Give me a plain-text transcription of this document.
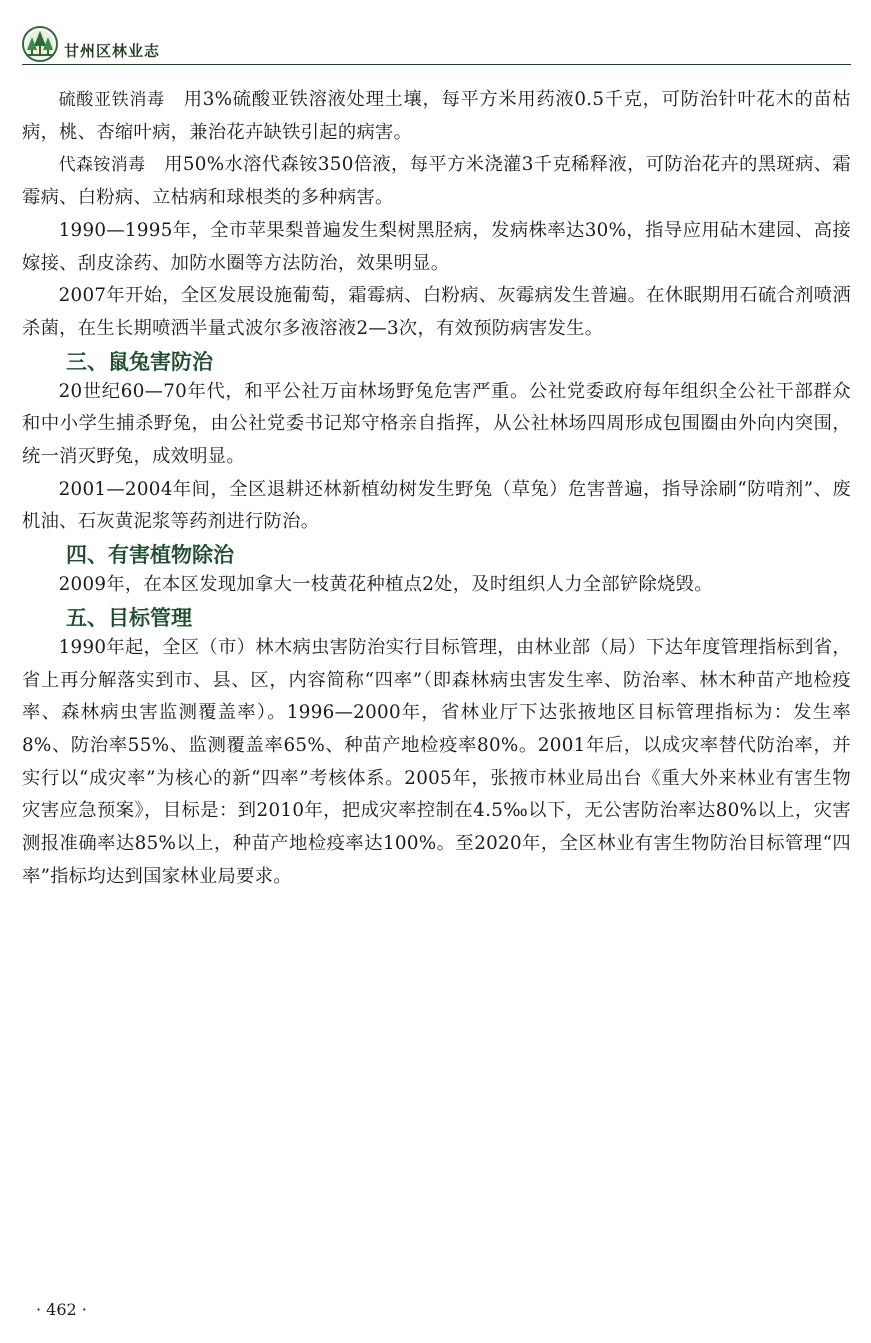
甘州区林业志

硫酸亚铁消毒　用3%硫酸亚铁溶液处理土壤，每平方米用药液0.5千克，可防治针叶花木的苗枯病，桃、杏缩叶病，兼治花卉缺铁引起的病害。

代森铵消毒　用50%水溶代森铵350倍液，每平方米浇灌3千克稀释液，可防治花卉的黑斑病、霜霉病、白粉病、立枯病和球根类的多种病害。

1990—1995年，全市苹果梨普遍发生梨树黑胫病，发病株率达30%，指导应用砧木建园、高接嫁接、刮皮涂药、加防水圈等方法防治，效果明显。

2007年开始，全区发展设施葡萄，霜霉病、白粉病、灰霉病发生普遍。在休眠期用石硫合剂喷洒杀菌，在生长期喷洒半量式波尔多液溶液2—3次，有效预防病害发生。

三、鼠兔害防治

20世纪60—70年代，和平公社万亩林场野兔危害严重。公社党委政府每年组织全公社干部群众和中小学生捕杀野兔，由公社党委书记郑守格亲自指挥，从公社林场四周形成包围圈由外向内突围，统一消灭野兔，成效明显。

2001—2004年间，全区退耕还林新植幼树发生野兔（草兔）危害普遍，指导涂刷“防啃剂”、废机油、石灰黄泥浆等药剂进行防治。

四、有害植物除治

2009年，在本区发现加拿大一枝黄花种植点2处，及时组织人力全部铲除烧毁。

五、目标管理

1990年起，全区（市）林木病虫害防治实行目标管理，由林业部（局）下达年度管理指标到省，省上再分解落实到市、县、区，内容简称“四率”（即森林病虫害发生率、防治率、林木种苗产地检疫率、森林病虫害监测覆盖率）。1996—2000年，省林业厅下达张掖地区目标管理指标为：发生率8%、防治率55%、监测覆盖率65%、种苗产地检疫率80%。2001年后，以成灾率替代防治率，并实行以“成灾率”为核心的新“四率”考核体系。2005年，张掖市林业局出台《重大外来林业有害生物灾害应急预案》，目标是：到2010年，把成灾率控制在4.5‰以下，无公害防治率达80%以上，灾害测报准确率达85%以上，种苗产地检疫率达100%。至2020年，全区林业有害生物防治目标管理“四率”指标均达到国家林业局要求。

· 462 ·
